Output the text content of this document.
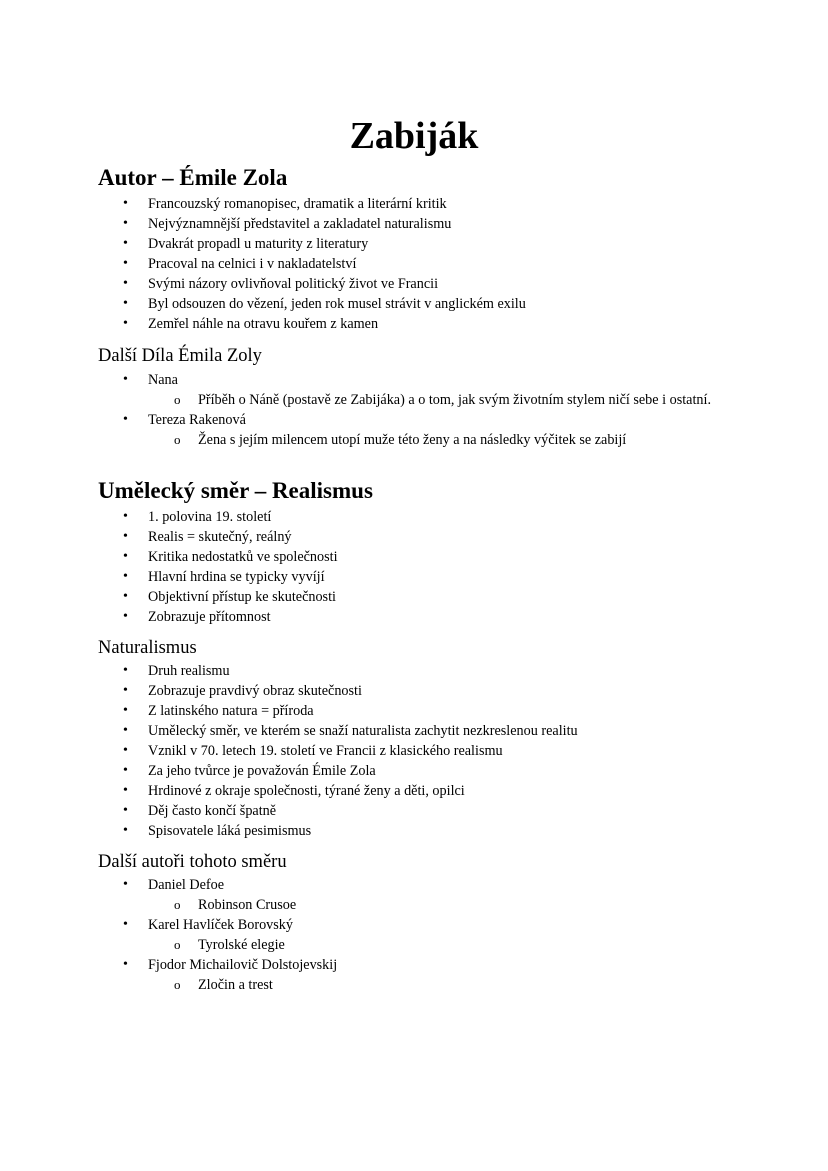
Zabiják
Autor – Émile Zola
• Francouzský romanopisec, dramatik a literární kritik
• Nejvýznamnější představitel a zakladatel naturalismu
• Dvakrát propadl u maturity z literatury
• Pracoval na celnici i v nakladatelství
• Svými názory ovlivňoval politický život ve Francii
• Byl odsouzen do vězení, jeden rok musel strávit v anglickém exilu
• Zemřel náhle na otravu kouřem z kamen
Další Díla Émila Zoly
• Nana
o Příběh o Náně (postavě ze Zabijáka) a o tom, jak svým životním stylem ničí sebe i ostatní.
• Tereza Rakenová
o Žena s jejím milencem utopí muže této ženy a na následky výčitek se zabijí
Umělecký směr – Realismus
• 1. polovina 19. století
• Realis = skutečný, reálný
• Kritika nedostatků ve společnosti
• Hlavní hrdina se typicky vyvíjí
• Objektivní přístup ke skutečnosti
• Zobrazuje přítomnost
Naturalismus
• Druh realismu
• Zobrazuje pravdivý obraz skutečnosti
• Z latinského natura = příroda
• Umělecký směr, ve kterém se snaží naturalista zachytit nezkreslenou realitu
• Vznikl v 70. letech 19. století ve Francii z klasického realismu
• Za jeho tvůrce je považován Émile Zola
• Hrdinové z okraje společnosti, týrané ženy a děti, opilci
• Děj často končí špatně
• Spisovatele láká pesimismus
Další autoři tohoto směru
• Daniel Defoe
o Robinson Crusoe
• Karel Havlíček Borovský
o Tyrolské elegie
• Fjodor Michailovič Dolstojevskij
o Zločin a trest
